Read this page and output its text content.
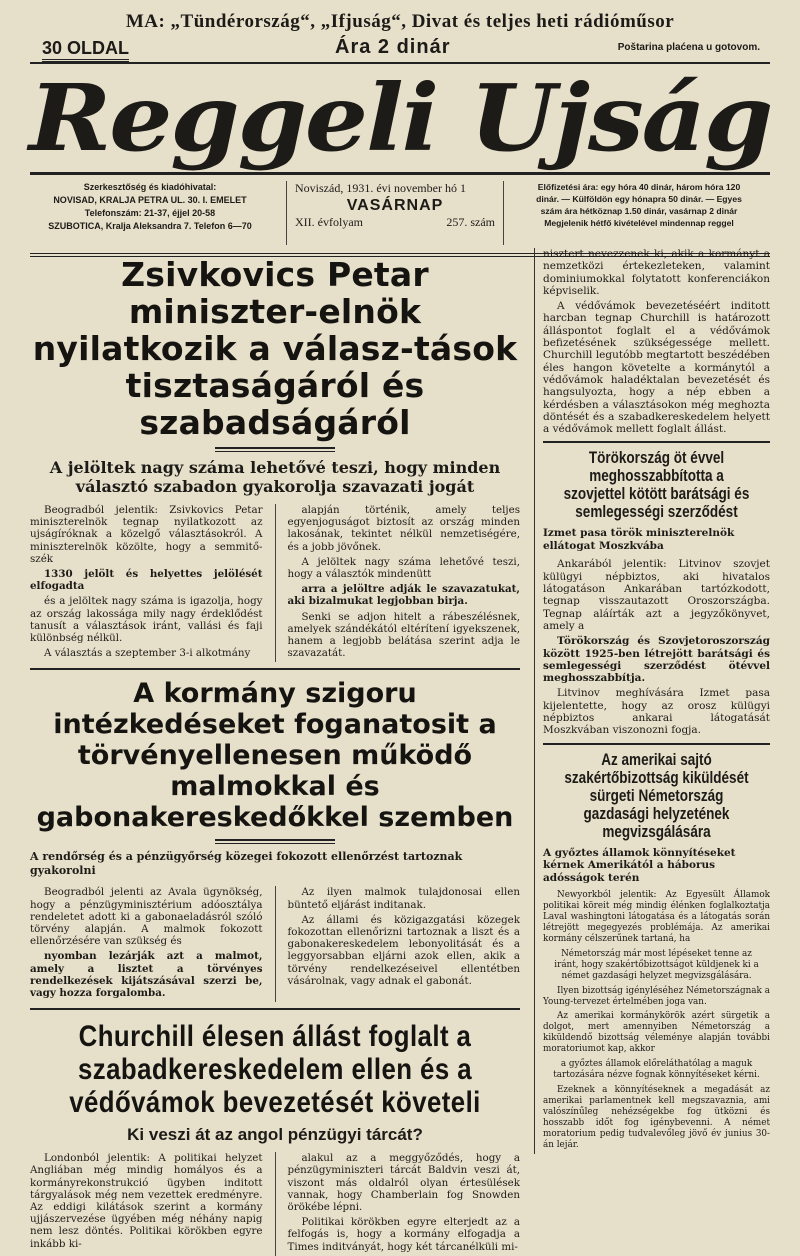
MA: „Tündérország“, „Ifjuság“, Divat és teljes heti rádióműsor
30 OLDAL	Ára 2 dinár	Poštarina plaćena u gotovom.
Reggeli Ujság
Szerkesztőség és kiadóhivatal:
NOVISAD, KRALJA PETRA UL. 30. I. EMELET
Telefonszám: 21-37, éjjel 20-58
SZUBOTICA, Kralja Aleksandra 7. Telefon 6—70
Noviszád, 1931. évi november hó 1
VASÁRNAP
XII. évfolyam	257. szám
Előfizetési ára: egy hóra 40 dinár, három hóra 120
dinár. — Külföldön egy hónapra 50 dinár. — Egyes
szám ára hétköznap 1.50 dinár, vasárnap 2 dinár
Megjelenik hétfő kivételével mindennap reggel
Zsivkovics Petar miniszter-elnök nyilatkozik a válasz-tások tisztaságáról és szabadságáról
A jelöltek nagy száma lehetővé teszi, hogy minden választó szabadon gyakorolja szavazati jogát

Beogradból jelentik: Zsivkovics Petar miniszterelnök tegnap nyilatkozott az ujságíróknak a közelgő választásokról. A miniszterelnök közölte, hogy a semmitő-szék

1330 jelölt és helyettes jelölését elfogadta

és a jelöltek nagy száma is igazolja, hogy az ország lakossága mily nagy érdeklődést tanusít a választások iránt, vallási és faji különbség nélkül.

A választás a szeptember 3-i alkotmány

alapján történik, amely teljes egyenjoguságot biztosít az ország minden lakosának, tekintet nélkül nemzetiségére, és a jobb jövőnek.

A jelöltek nagy száma lehetővé teszi, hogy a választók mindenütt

arra a jelöltre adják le szavazatukat, aki bizalmukat legjobban birja.

Senki se adjon hitelt a rábeszélésnek, amelyek szándékától eltérítení igyekszenek, hanem a legjobb belátása szerint adja le szavazatát.

A kormány szigoru intézkedéseket foganatosit a törvényellenesen működő malmokkal és gabonakereskedőkkel szemben
A rendőrség és a pénzügyőrség közegei fokozott ellenőrzést tartoznak gyakorolni

Beogradból jelenti az Avala ügynökség, hogy a pénzügyminisztérium adóosztálya rendeletet adott ki a gabonaeladásról szóló törvény alapján. A malmok fokozott ellenőrzésére van szükség és

nyomban lezárják azt a malmot, amely a lisztet a törvényes rendelkezések kijátszásával szerzi be, vagy hozza forgalomba.

Az ilyen malmok tulajdonosai ellen büntető eljárást inditanak.

Az állami és közigazgatási közegek fokozottan ellenőrizni tartoznak a liszt és a gabonakereskedelem lebonyolitását és a leggyorsabban eljárni azok ellen, akik a törvény rendelkezéseivel ellentétben vásárolnak, vagy adnak el gabonát.

Churchill élesen állást foglalt a szabadkereskedelem ellen és a védővámok bevezetését követeli
Ki veszi át az angol pénzügyi tárcát?

Londonból jelentik: A politikai helyzet Angliában még mindig homályos és a kormányrekonstrukció ügyben inditott tárgyalások még nem vezettek eredményre. Az eddigi kilátások szerint a kormány ujjászervezése ügyében még néhány napig nem lesz döntés. Politikai körökben egyre inkább ki-

alakul az a meggyőződés, hogy a pénzügyminiszteri tárcát Baldvin veszi át, viszont más oldalról olyan értesülések vannak, hogy Chamberlain fog Snowden örökébe lépni.

Politikai körökben egyre elterjedt az a felfogás is, hogy a kormány elfogadja a Times inditványát, hogy két tárcanélküli mi-

nisztert nevezzenek ki, akik a kormányt a nemzetközi értekezleteken, valamint dominiumokkal folytatott konferenciákon képviselik.

A védővámok bevezetéséért inditott harcban tegnap Churchill is határozott álláspontot foglalt el a védővámok befizetésének szükségessége mellett. Churchill legutóbb megtartott beszédében éles hangon követelte a kormánytól a védővámok haladéktalan bevezetését és hangsulyozta, hogy a nép ebben a kérdésben a választásokon még meghozta döntését és a szabadkereskedelem helyett a védővámok mellett foglalt állást.

Törökország öt évvel meghosszabbította a szovjettel kötött barátsági és semlegességi szerződést
Izmet pasa török miniszterelnök ellátogat Moszkvába

Ankarából jelentik: Litvinov szovjet külügyi népbiztos, aki hivatalos látogatáson Ankarában tartózkodott, tegnap visszautazott Oroszországba. Tegnap aláírták azt a jegyzőkönyvet, amely a

Törökország és Szovjetoroszország között 1925-ben létrejött barátsági és semlegességi szerződést ötévvel meghosszabbítja.

Litvinov meghívására Izmet pasa kijelentette, hogy az orosz külügyi népbiztos ankarai látogatását Moszkvában viszonozni fogja.

Az amerikai sajtó szakértőbizottság kiküldését sürgeti Németország gazdasági helyzetének megvizsgálására
A győztes államok könnyítéseket kérnek Amerikától a háborus adósságok terén

Newyorkból jelentik: Az Egyesült Államok politikai köreit még mindig élénken foglalkoztatja Laval washingtoni látogatása és a látogatás során létrejött megegyezés problémája. Az amerikai kormány célszerűnek tartaná, ha

Németország már most lépéseket tenne az iránt, hogy szakértőbizottságot küldjenek ki a német gazdasági helyzet megvizsgálására.

Ilyen bizottság igényléséhez Németországnak a Young-tervezet értelmében joga van.

Az amerikai kormánykörök azért sürgetik a dolgot, mert amennyiben Németország a kiküldendő bizottság véleménye alapján további moratoriumot kap, akkor

a győztes államok előreláthatólag a maguk tartozására nézve fognak könnyítéseket kérni.

Ezeknek a könnyítéseknek a megadását az amerikai parlamentnek kell megszavaznia, ami valószínűleg nehézségekbe fog ütközni és hosszabb időt fog igénybevenni. A német moratorium pedig tudvalevőleg jövő év junius 30-án lejár.
